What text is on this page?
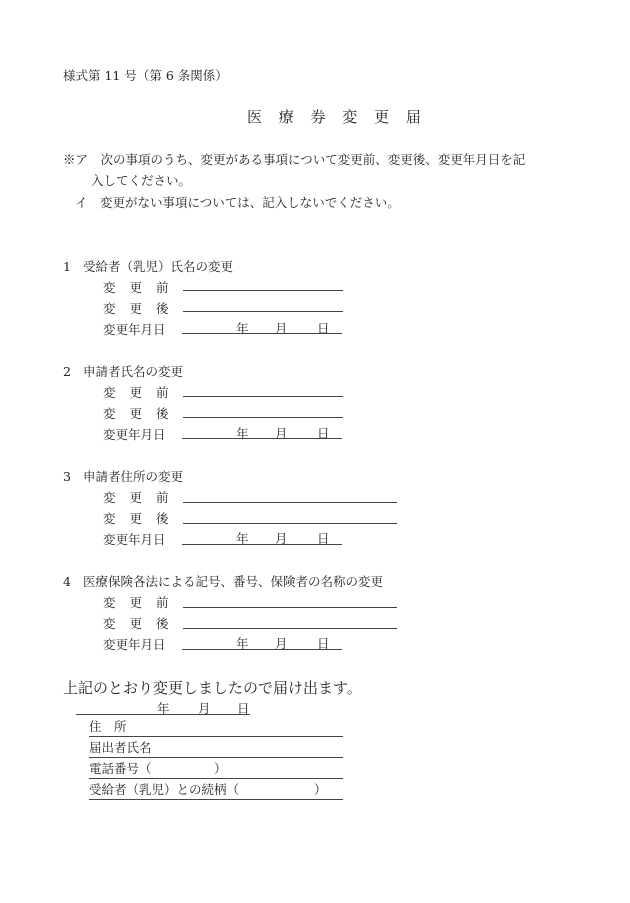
様式第 11 号（第 6 条関係）
医 療 券 変 更 届
※ア　次の事項のうち、変更がある事項について変更前、変更後、変更年月日を記
入してください。
イ　変更がない事項については、記入しないでください。
1 受給者（乳児）氏名の変更
変更前
変更後
変更年月日	年 月 日
2 申請者氏名の変更
変更前
変更後
変更年月日	年 月 日
3 申請者住所の変更
変更前
変更後
変更年月日	年 月 日
4 医療保険各法による記号、番号、保険者の名称の変更
変更前
変更後
変更年月日	年 月 日
上記のとおり変更しましたので届け出ます。
年 月 日
住　所
届出者氏名
電話番号（　　　　　）
受給者（乳児）との続柄（　　　　　　）
